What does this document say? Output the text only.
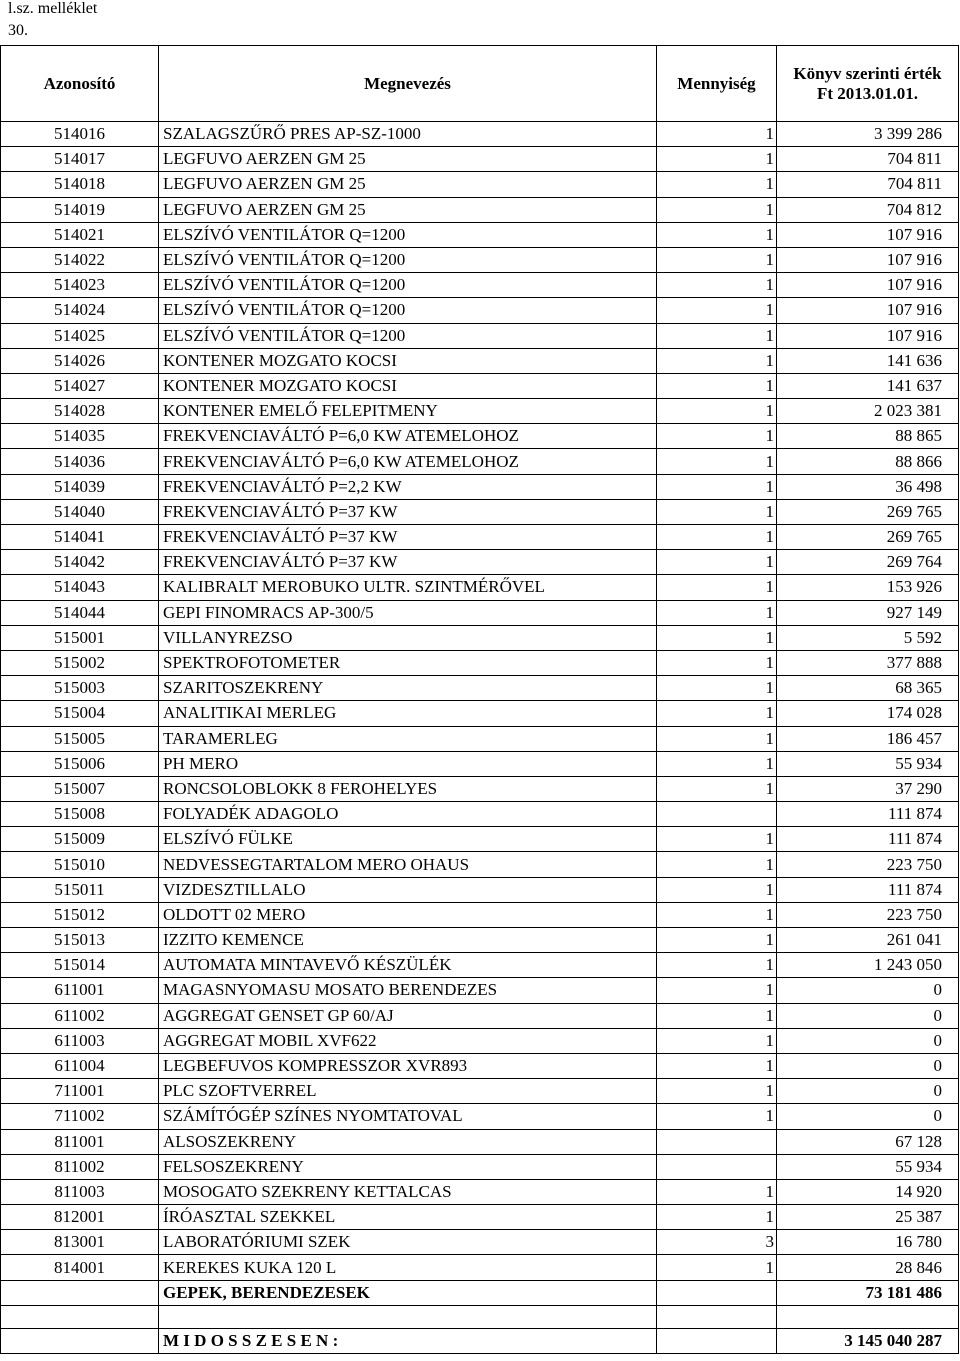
l.sz. melléklet
30.
Azonosító	Megnevezés	Mennyiség	Könyv szerinti érték
Ft 2013.01.01.

514016	SZALAGSZŰRŐ PRES AP-SZ-1000	1	3 399 286
514017	LEGFUVO AERZEN GM 25	1	704 811
514018	LEGFUVO AERZEN GM 25	1	704 811
514019	LEGFUVO AERZEN GM 25	1	704 812
514021	ELSZÍVÓ VENTILÁTOR Q=1200	1	107 916
514022	ELSZÍVÓ VENTILÁTOR Q=1200	1	107 916
514023	ELSZÍVÓ VENTILÁTOR Q=1200	1	107 916
514024	ELSZÍVÓ VENTILÁTOR Q=1200	1	107 916
514025	ELSZÍVÓ VENTILÁTOR Q=1200	1	107 916
514026	KONTENER MOZGATO KOCSI	1	141 636
514027	KONTENER MOZGATO KOCSI	1	141 637
514028	KONTENER EMELŐ FELEPITMENY	1	2 023 381
514035	FREKVENCIAVÁLTÓ P=6,0 KW ATEMELOHOZ	1	88 865
514036	FREKVENCIAVÁLTÓ P=6,0 KW ATEMELOHOZ	1	88 866
514039	FREKVENCIAVÁLTÓ P=2,2 KW	1	36 498
514040	FREKVENCIAVÁLTÓ P=37 KW	1	269 765
514041	FREKVENCIAVÁLTÓ P=37 KW	1	269 765
514042	FREKVENCIAVÁLTÓ P=37 KW	1	269 764
514043	KALIBRALT MEROBUKO ULTR. SZINTMÉRŐVEL	1	153 926
514044	GEPI FINOMRACS AP-300/5	1	927 149
515001	VILLANYREZSO	1	5 592
515002	SPEKTROFOTOMETER	1	377 888
515003	SZARITOSZEKRENY	1	68 365
515004	ANALITIKAI MERLEG	1	174 028
515005	TARAMERLEG	1	186 457
515006	PH MERO	1	55 934
515007	RONCSOLOBLOKK 8 FEROHELYES	1	37 290
515008	FOLYADÉK ADAGOLO		111 874
515009	ELSZÍVÓ FÜLKE	1	111 874
515010	NEDVESSEGTARTALOM MERO OHAUS	1	223 750
515011	VIZDESZTILLALO	1	111 874
515012	OLDOTT 02 MERO	1	223 750
515013	IZZITO KEMENCE	1	261 041
515014	AUTOMATA MINTAVEVŐ KÉSZÜLÉK	1	1 243 050
611001	MAGASNYOMASU MOSATO BERENDEZES	1	0
611002	AGGREGAT GENSET GP 60/AJ	1	0
611003	AGGREGAT MOBIL XVF622	1	0
611004	LEGBEFUVOS KOMPRESSZOR XVR893	1	0
711001	PLC SZOFTVERREL	1	0
711002	SZÁMÍTÓGÉP SZÍNES NYOMTATOVAL	1	0
811001	ALSOSZEKRENY		67 128
811002	FELSOSZEKRENY		55 934
811003	MOSOGATO SZEKRENY KETTALCAS	1	14 920
812001	ÍRÓASZTAL SZEKKEL	1	25 387
813001	LABORATÓRIUMI SZEK	3	16 780
814001	KEREKES KUKA 120 L	1	28 846
	GEPEK, BERENDEZESEK		73 181 486

	M I D O S S Z E S E N :		3 145 040 287
